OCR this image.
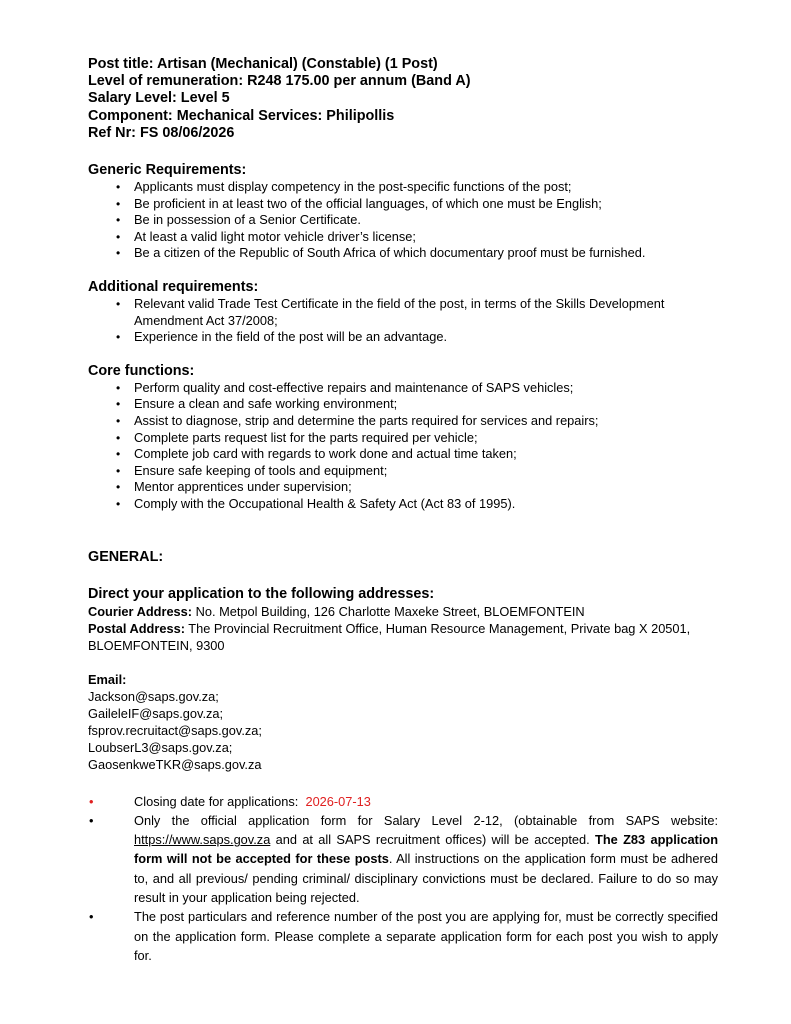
Post title: Artisan (Mechanical) (Constable) (1 Post)
Level of remuneration: R248 175.00 per annum (Band A)
Salary Level: Level 5
Component: Mechanical Services: Philipollis
Ref Nr: FS 08/06/2026
Generic Requirements:
• Applicants must display competency in the post-specific functions of the post;
• Be proficient in at least two of the official languages, of which one must be English;
• Be in possession of a Senior Certificate.
• At least a valid light motor vehicle driver’s license;
• Be a citizen of the Republic of South Africa of which documentary proof must be furnished.
Additional requirements:
• Relevant valid Trade Test Certificate in the field of the post, in terms of the Skills Development Amendment Act 37/2008;
• Experience in the field of the post will be an advantage.
Core functions:
• Perform quality and cost-effective repairs and maintenance of SAPS vehicles;
• Ensure a clean and safe working environment;
• Assist to diagnose, strip and determine the parts required for services and repairs;
• Complete parts request list for the parts required per vehicle;
• Complete job card with regards to work done and actual time taken;
• Ensure safe keeping of tools and equipment;
• Mentor apprentices under supervision;
• Comply with the Occupational Health & Safety Act (Act 83 of 1995).
GENERAL:
Direct your application to the following addresses:
Courier Address: No. Metpol Building, 126 Charlotte Maxeke Street, BLOEMFONTEIN
Postal Address: The Provincial Recruitment Office, Human Resource Management, Private bag X 20501, BLOEMFONTEIN, 9300
Email:
Jackson@saps.gov.za;
GaileleIF@saps.gov.za;
fsprov.recruitact@saps.gov.za;
LoubserL3@saps.gov.za;
GaosenkweTKR@saps.gov.za
•	Closing date for applications: 2026-07-13
•	Only the official application form for Salary Level 2-12, (obtainable from SAPS website: https://www.saps.gov.za and at all SAPS recruitment offices) will be accepted. The Z83 application form will not be accepted for these posts. All instructions on the application form must be adhered to, and all previous/ pending criminal/ disciplinary convictions must be declared. Failure to do so may result in your application being rejected.
•	The post particulars and reference number of the post you are applying for, must be correctly specified on the application form. Please complete a separate application form for each post you wish to apply for.
